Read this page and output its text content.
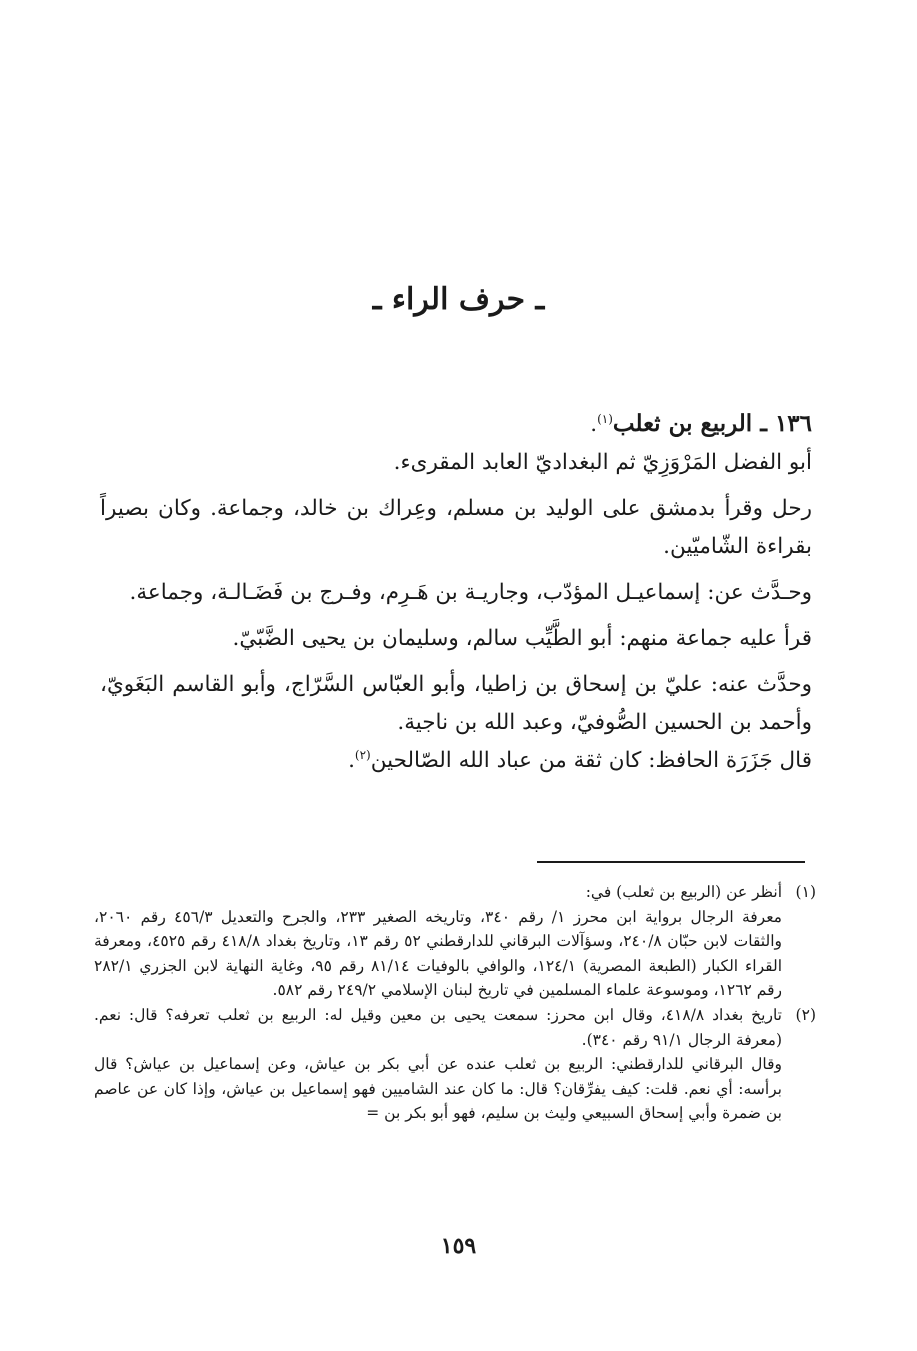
ـ حرف الراء ـ

١٣٦ ـ الربيع بن ثعلب$^{(١)}$.

أبو الفضل المَرْوَزِيّ ثم البغداديّ العابد المقرىء.

رحل وقرأ بدمشق على الوليد بن مسلم، وعِراك بن خالد، وجماعة. وكان بصيراً بقراءة الشّاميّين.

وحـدَّث عن: إسماعيـل المؤدّب، وجاريـة بن هَـرِم، وفـرج بن فَضَـالـة، وجماعة.

قرأ عليه جماعة منهم: أبو الطَّيِّب سالم، وسليمان بن يحيى الضَّبّيّ.

وحدَّث عنه: عليّ بن إسحاق بن زاطيا، وأبو العبّاس السَّرّاج، وأبو القاسم البَغَويّ، وأحمد بن الحسين الصُّوفيّ، وعبد الله بن ناجية.

قال جَزَرَة الحافظ: كان ثقة من عباد الله الصّالحين$^{(٢)}$.

(١)

أنظر عن (الربيع بن ثعلب) في:

معرفة الرجال برواية ابن محرز ١/ رقم ٣٤٠، وتاريخه الصغير ٢٣٣، والجرح والتعديل ٤٥٦/٣ رقم ٢٠٦٠، والثقات لابن حبّان ٢٤٠/٨، وسؤآلات البرقاني للدارقطني ٥٢ رقم ١٣، وتاريخ بغداد ٤١٨/٨ رقم ٤٥٢٥، ومعرفة القراء الكبار (الطبعة المصرية) ١٢٤/١، والوافي بالوفيات ٨١/١٤ رقم ٩٥، وغاية النهاية لابن الجزري ٢٨٢/١ رقم ١٢٦٢، وموسوعة علماء المسلمين في تاريخ لبنان الإسلامي ٢٤٩/٢ رقم ٥٨٢.

(٢)

تاريخ بغداد ٤١٨/٨، وقال ابن محرز: سمعت يحيى بن معين وقيل له: الربيع بن ثعلب تعرفه؟ قال: نعم. (معرفة الرجال ٩١/١ رقم ٣٤٠).

وقال البرقاني للدارقطني: الربيع بن ثعلب عنده عن أبي بكر بن عياش، وعن إسماعيل بن عياش؟ قال برأسه: أي نعم. قلت: كيف يفرِّقان؟ قال: ما كان عند الشاميين فهو إسماعيل بن عياش، وإذا كان عن عاصم بن ضمرة وأبي إسحاق السبيعي وليث بن سليم، فهو أبو بكر بن =

١٥٩
